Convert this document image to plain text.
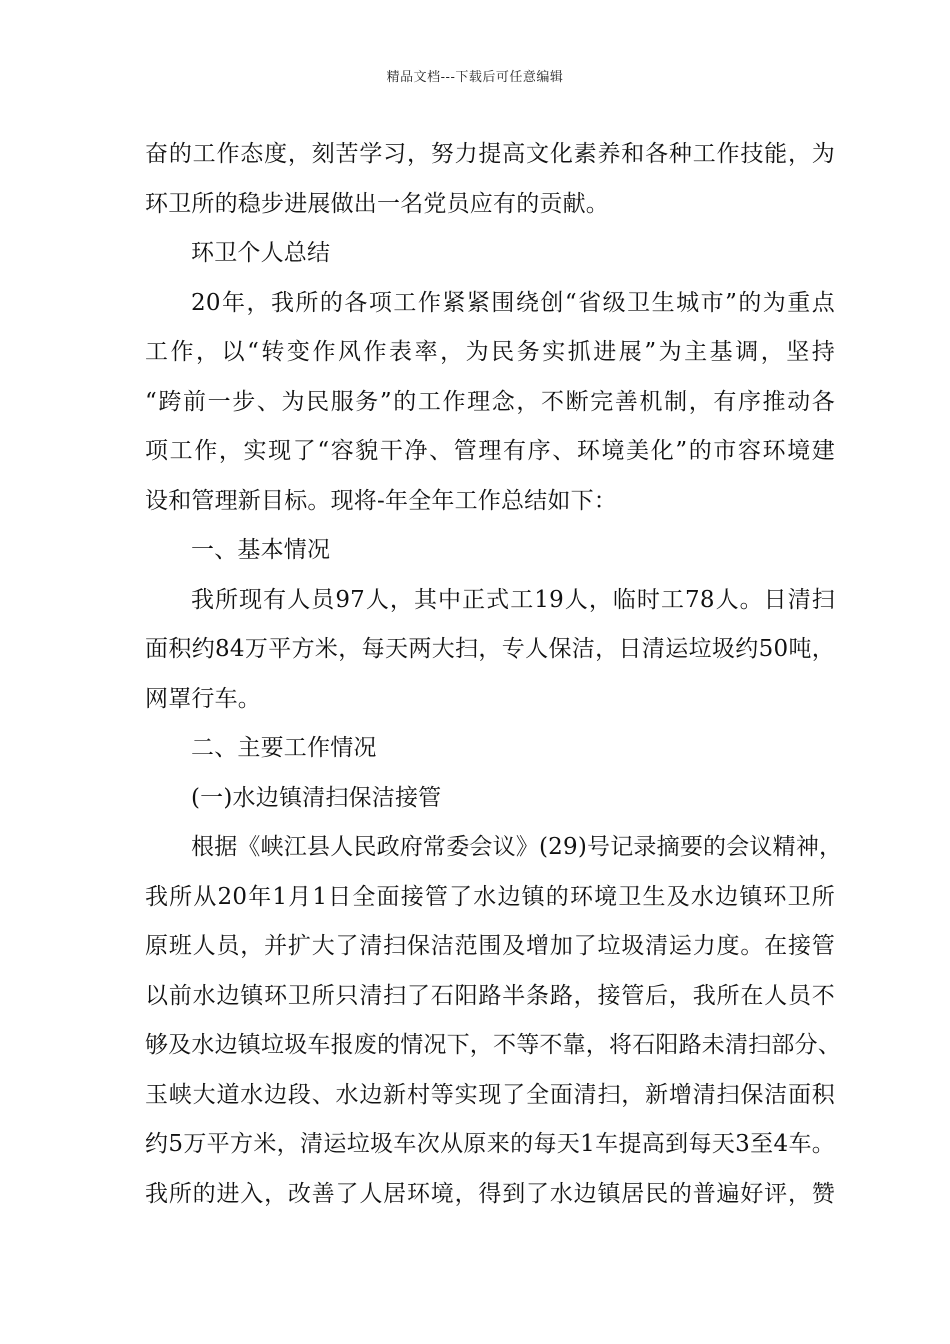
精品文档---下载后可任意编辑
奋的工作态度，刻苦学习，努力提高文化素养和各种工作技能，为
环卫所的稳步进展做出一名党员应有的贡献。
环卫个人总结
20年，我所的各项工作紧紧围绕创“省级卫生城市”的为重点
工作，以“转变作风作表率，为民务实抓进展”为主基调，坚持
“跨前一步、为民服务”的工作理念，不断完善机制，有序推动各
项工作，实现了“容貌干净、管理有序、环境美化”的市容环境建
设和管理新目标。现将-年全年工作总结如下：
一、基本情况
我所现有人员97人，其中正式工19人，临时工78人。日清扫
面积约84万平方米，每天两大扫，专人保洁，日清运垃圾约50吨，
网罩行车。
二、主要工作情况
(一)水边镇清扫保洁接管
根据《峡江县人民政府常委会议》(29)号记录摘要的会议精神，
我所从20年1月1日全面接管了水边镇的环境卫生及水边镇环卫所
原班人员，并扩大了清扫保洁范围及增加了垃圾清运力度。在接管
以前水边镇环卫所只清扫了石阳路半条路，接管后，我所在人员不
够及水边镇垃圾车报废的情况下，不等不靠，将石阳路未清扫部分、
玉峡大道水边段、水边新村等实现了全面清扫，新增清扫保洁面积
约5万平方米，清运垃圾车次从原来的每天1车提高到每天3至4车。
我所的进入，改善了人居环境，得到了水边镇居民的普遍好评，赞
